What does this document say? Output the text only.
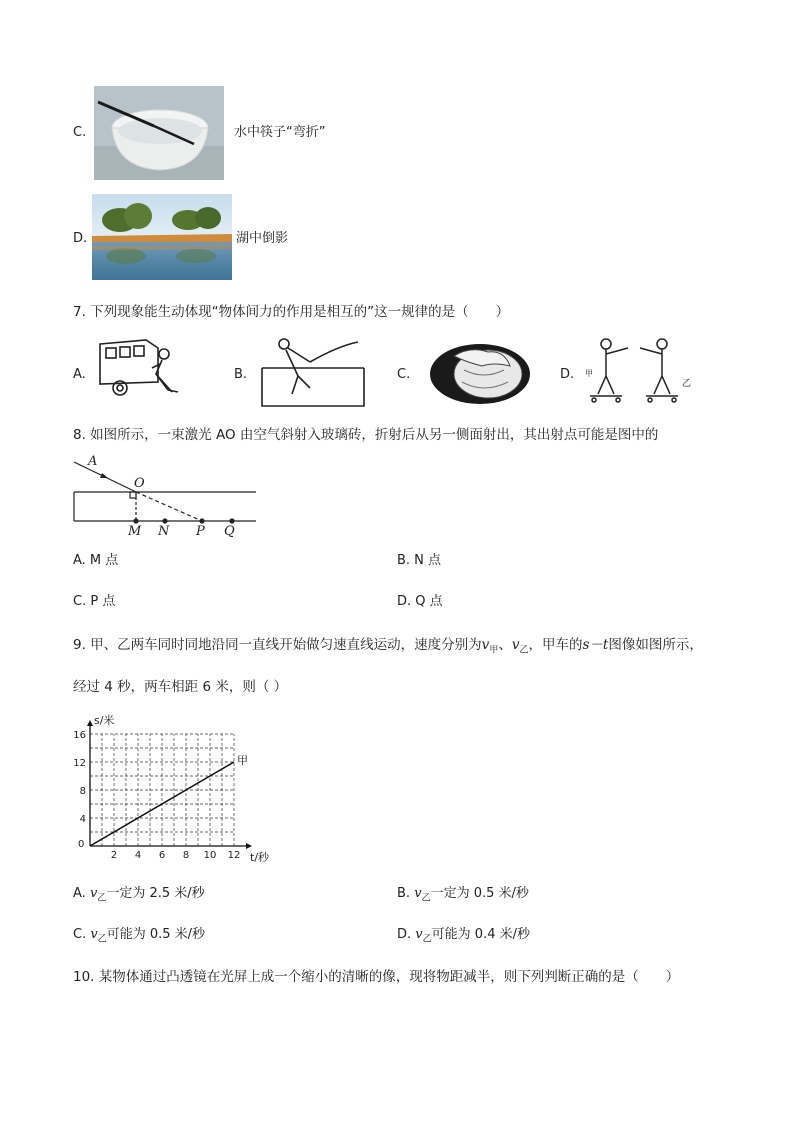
C.	水中筷子“弯折”
D.	湖中倒影
7. 下列现象能生动体现“物体间力的作用是相互的”这一规律的是（　　）
A.	B.	C.	D. 甲
乙
8. 如图所示，一束激光 AO 由空气斜射入玻璃砖，折射后从另一侧面射出，其出射点可能是图中的
A
O
M N P Q
A. M 点	B. N 点
C. P 点	D. Q 点
9. 甲、乙两车同时同地沿同一直线开始做匀速直线运动，速度分别为$v_甲$、$v_乙$，甲车的s－t图像如图所示，
经过 4 秒，两车相距 6 米，则（ ）
0
2 4 6 8 10 12
4
8
12
16
甲
s/米
t/秒
A. $v_乙$一定为 2.5 米/秒	B. $v_乙$一定为 0.5 米/秒
C. $v_乙$可能为 0.5 米/秒	D. $v_乙$可能为 0.4 米/秒
10. 某物体通过凸透镜在光屏上成一个缩小的清晰的像，现将物距减半，则下列判断正确的是（　　）
